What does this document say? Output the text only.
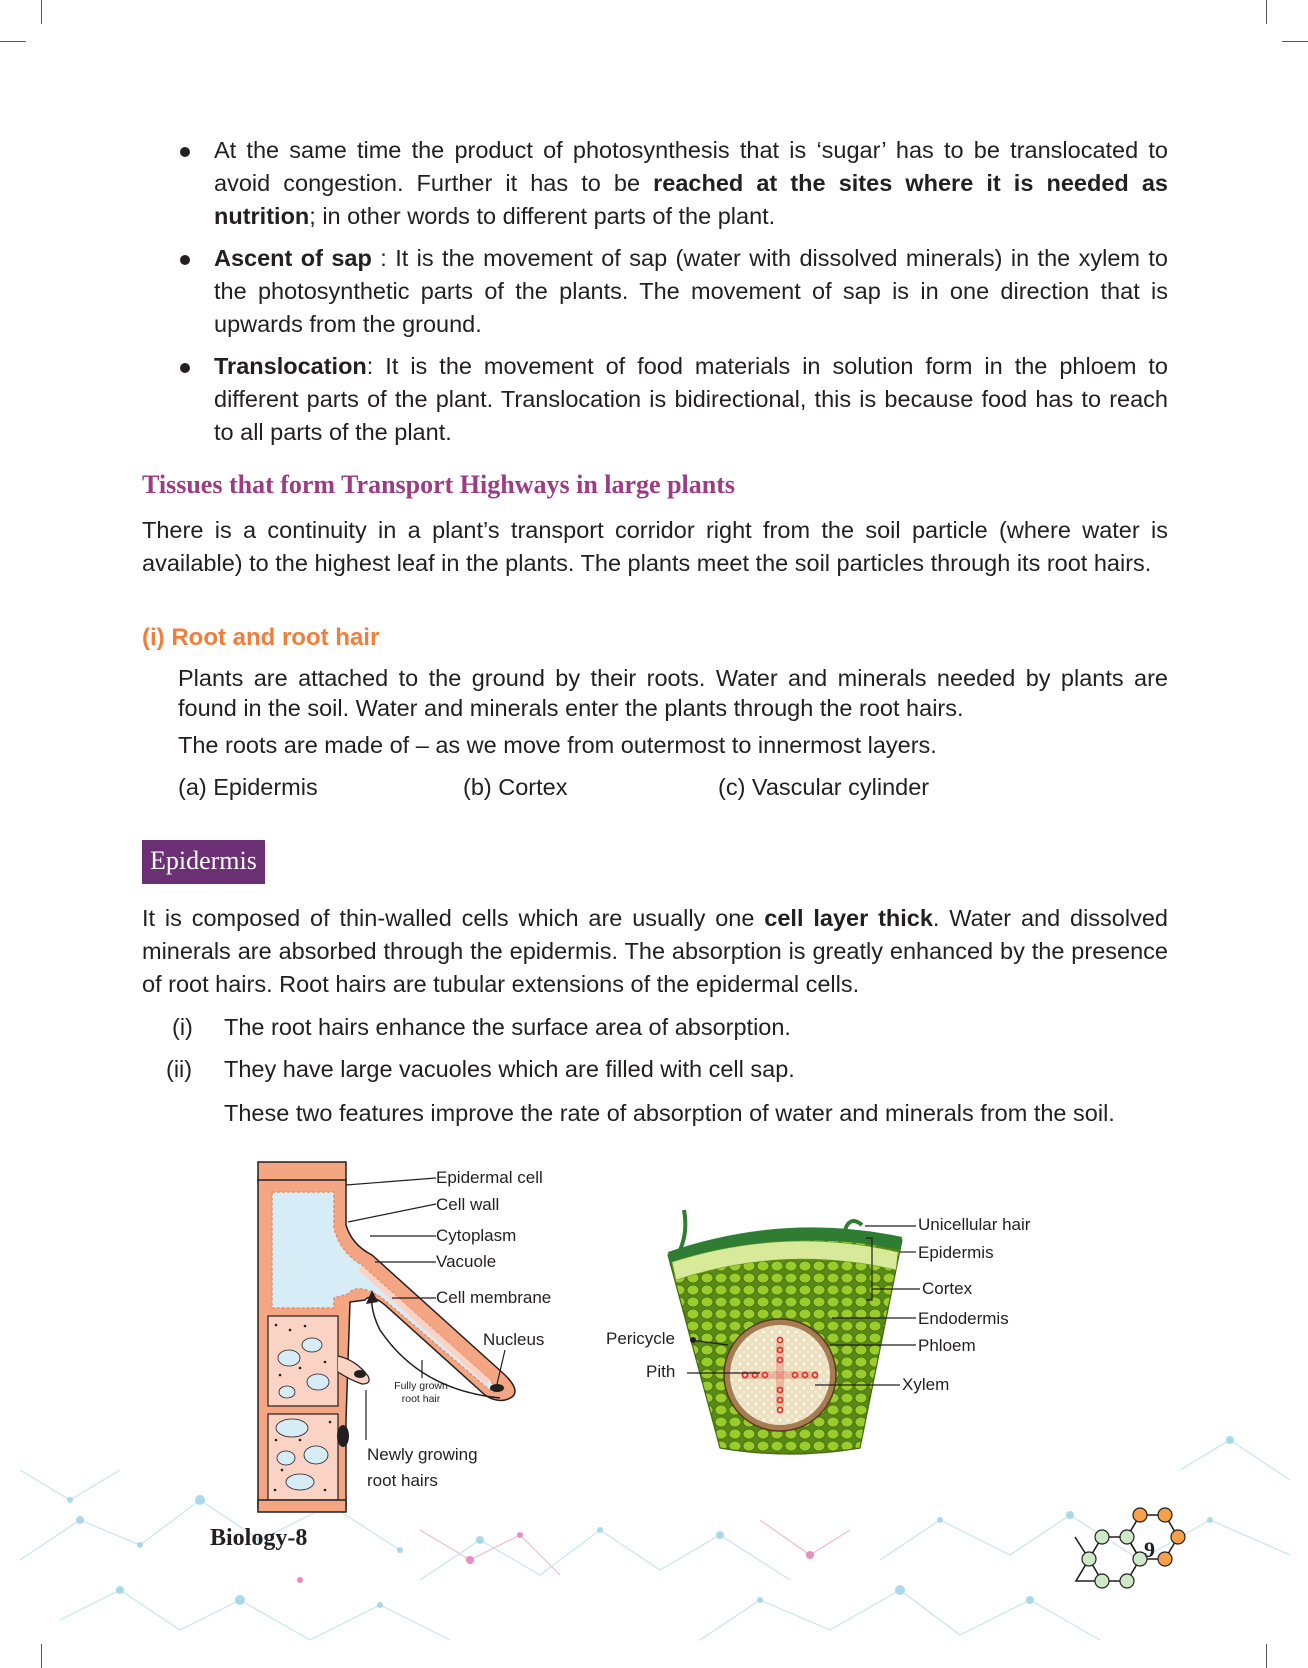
At the same time the product of photosynthesis that is ‘sugar’ has to be translocated to avoid congestion. Further it has to be reached at the sites where it is needed as nutrition; in other words to different parts of the plant.
Ascent of sap : It is the movement of sap (water with dissolved minerals) in the xylem to the photosynthetic parts of the plants. The movement of sap is in one direction that is upwards from the ground.
Translocation: It is the movement of food materials in solution form in the phloem to different parts of the plant. Translocation is bidirectional, this is because food has to reach to all parts of the plant.
Tissues that form Transport Highways in large plants

There is a continuity in a plant’s transport corridor right from the soil particle (where water is available) to the highest leaf in the plants. The plants meet the soil particles through its root hairs.

(i) Root and root hair

Plants are attached to the ground by their roots. Water and minerals needed by plants are found in the soil. Water and minerals enter the plants through the root hairs.

The roots are made of – as we move from outermost to innermost layers.

(a) Epidermis	(b) Cortex	(c) Vascular cylinder
Epidermis

It is composed of thin-walled cells which are usually one cell layer thick. Water and dissolved minerals are absorbed through the epidermis. The absorption is greatly enhanced by the presence of root hairs. Root hairs are tubular extensions of the epidermal cells.

(i) The root hairs enhance the surface area of absorption.
(ii) They have large vacuoles which are filled with cell sap.
These two features improve the rate of absorption of water and minerals from the soil.
Epidermal cell
Cell wall
Cytoplasm
Vacuole
Cell membrane
Nucleus
Fully grown root hair
Newly growing
root hairs
Unicellular hair
Epidermis
Cortex
Endodermis
Phloem
Xylem
Pericycle
Pith
Biology-8	9
